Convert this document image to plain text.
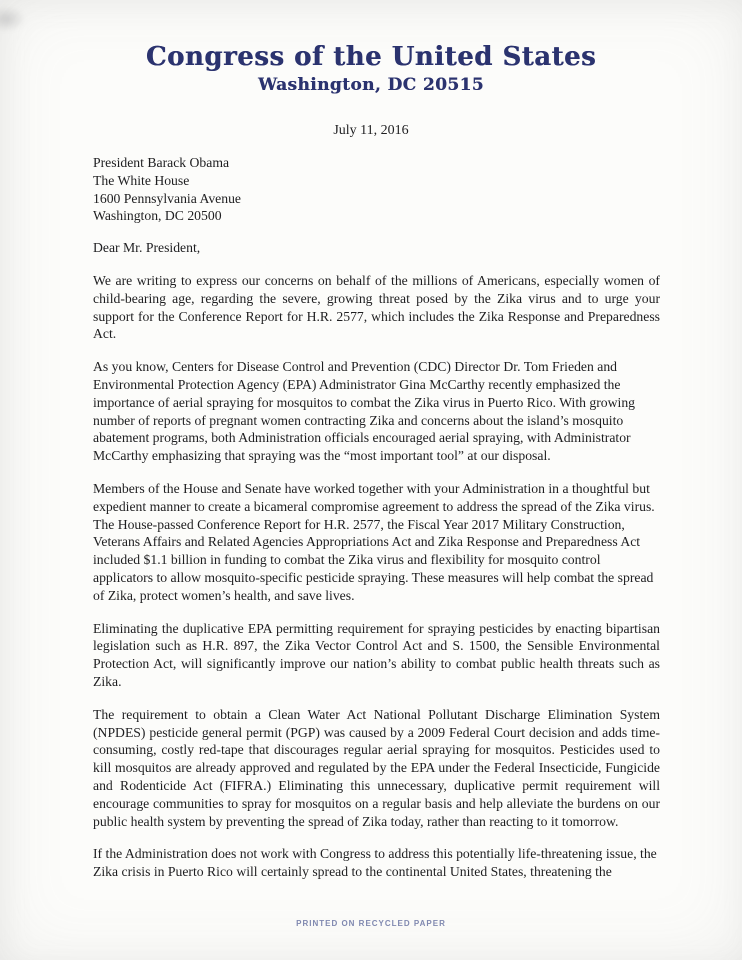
Congress of the United States
Washington, DC 20515
July 11, 2016
President Barack Obama
The White House
1600 Pennsylvania Avenue
Washington, DC 20500

Dear Mr. President,

We are writing to express our concerns on behalf of the millions of Americans, especially women of child-bearing age, regarding the severe, growing threat posed by the Zika virus and to urge your support for the Conference Report for H.R. 2577, which includes the Zika Response and Preparedness Act.

As you know, Centers for Disease Control and Prevention (CDC) Director Dr. Tom Frieden and Environmental Protection Agency (EPA) Administrator Gina McCarthy recently emphasized the importance of aerial spraying for mosquitos to combat the Zika virus in Puerto Rico. With growing number of reports of pregnant women contracting Zika and concerns about the island’s mosquito abatement programs, both Administration officials encouraged aerial spraying, with Administrator McCarthy emphasizing that spraying was the “most important tool” at our disposal.

Members of the House and Senate have worked together with your Administration in a thoughtful but expedient manner to create a bicameral compromise agreement to address the spread of the Zika virus. The House-passed Conference Report for H.R. 2577, the Fiscal Year 2017 Military Construction, Veterans Affairs and Related Agencies Appropriations Act and Zika Response and Preparedness Act included $1.1 billion in funding to combat the Zika virus and flexibility for mosquito control applicators to allow mosquito-specific pesticide spraying. These measures will help combat the spread of Zika, protect women’s health, and save lives.

Eliminating the duplicative EPA permitting requirement for spraying pesticides by enacting bipartisan legislation such as H.R. 897, the Zika Vector Control Act and S. 1500, the Sensible Environmental Protection Act, will significantly improve our nation’s ability to combat public health threats such as Zika.

The requirement to obtain a Clean Water Act National Pollutant Discharge Elimination System (NPDES) pesticide general permit (PGP) was caused by a 2009 Federal Court decision and adds time-consuming, costly red-tape that discourages regular aerial spraying for mosquitos. Pesticides used to kill mosquitos are already approved and regulated by the EPA under the Federal Insecticide, Fungicide and Rodenticide Act (FIFRA.) Eliminating this unnecessary, duplicative permit requirement will encourage communities to spray for mosquitos on a regular basis and help alleviate the burdens on our public health system by preventing the spread of Zika today, rather than reacting to it tomorrow.

If the Administration does not work with Congress to address this potentially life-threatening issue, the Zika crisis in Puerto Rico will certainly spread to the continental United States, threatening the

PRINTED ON RECYCLED PAPER
